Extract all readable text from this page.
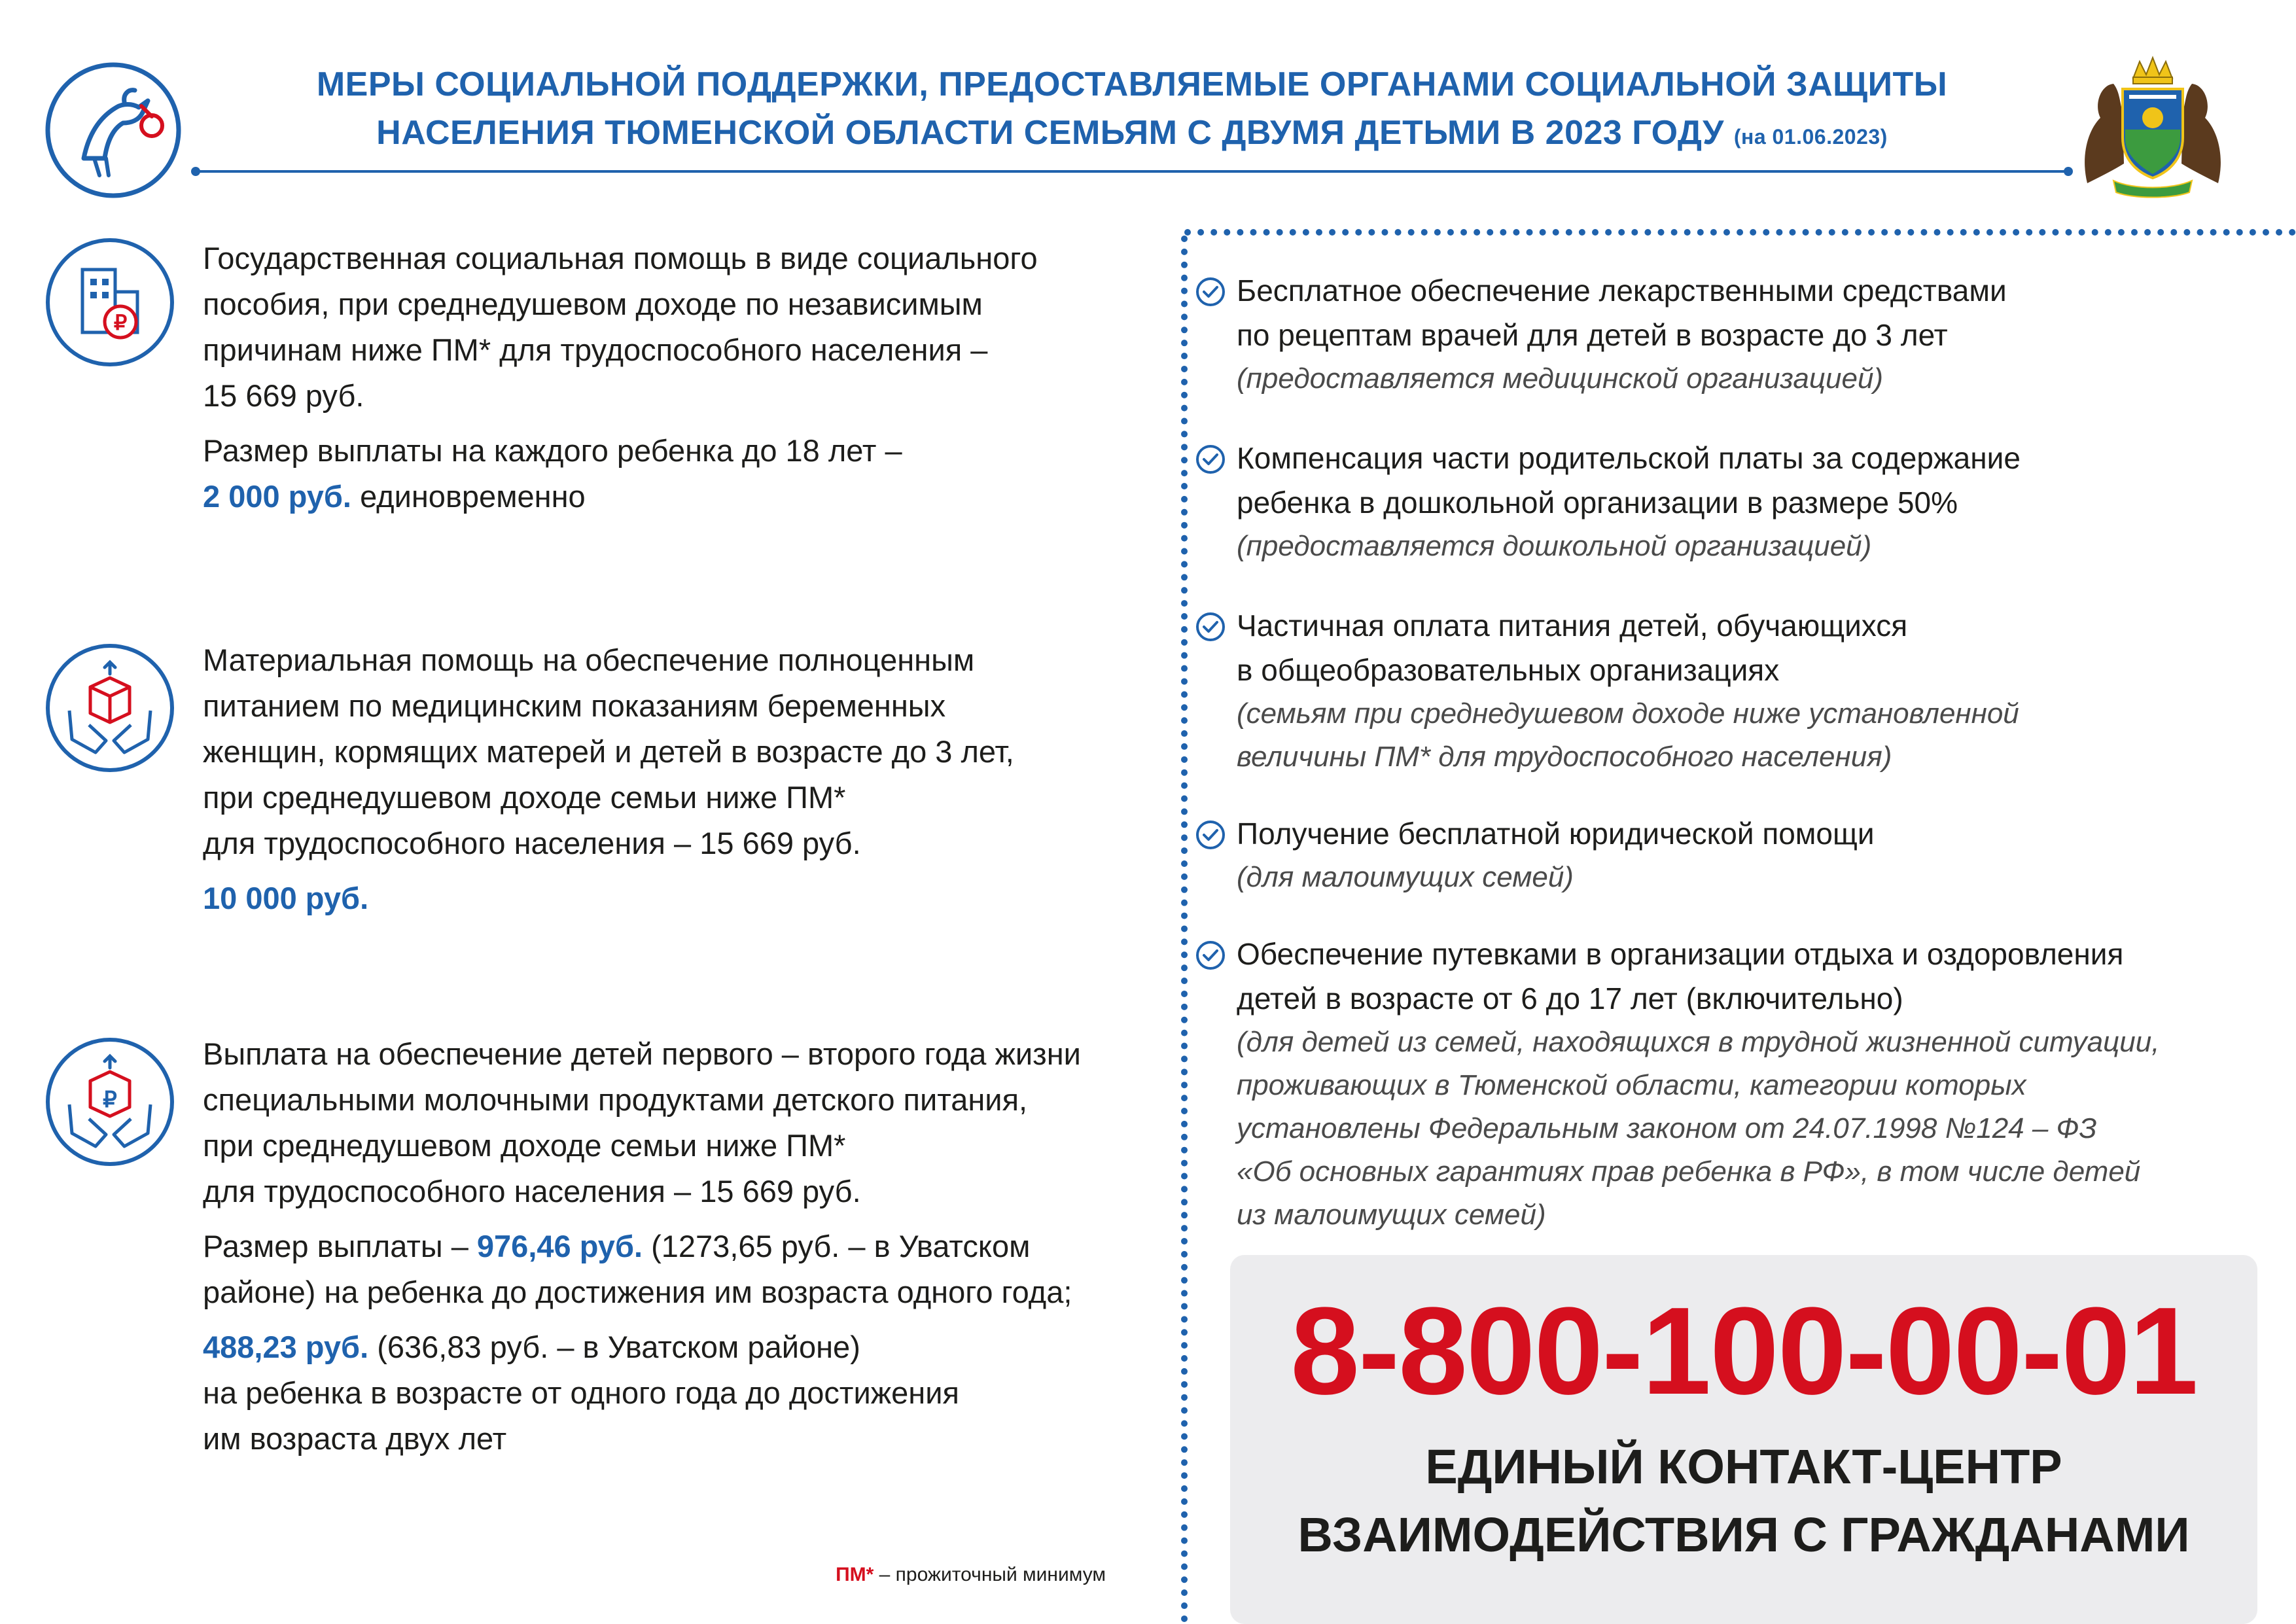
МЕРЫ СОЦИАЛЬНОЙ ПОДДЕРЖКИ, ПРЕДОСТАВЛЯЕМЫЕ ОРГАНАМИ СОЦИАЛЬНОЙ ЗАЩИТЫ
НАСЕЛЕНИЯ ТЮМЕНСКОЙ ОБЛАСТИ СЕМЬЯМ С ДВУМЯ ДЕТЬМИ В 2023 ГОДУ (на 01.06.2023)
₽

Государственная социальная помощь в виде социального

пособия, при среднедушевом доходе по независимым

причинам ниже ПМ* для трудоспособного населения –

15 669 руб.

Размер выплаты на каждого ребенка до 18 лет –

2 000 руб. единовременно

Материальная помощь на обеспечение полноценным

питанием по медицинским показаниям беременных

женщин, кормящих матерей и детей в возрасте до 3 лет,

при среднедушевом доходе семьи ниже ПМ*

для трудоспособного населения – 15 669 руб.

10 000 руб.

₽

Выплата на обеспечение детей первого – второго года жизни

специальными молочными продуктами детского питания,

при среднедушевом доходе семьи ниже ПМ*

для трудоспособного населения – 15 669 руб.

Размер выплаты – 976,46 руб. (1273,65 руб. – в Уватском

районе) на ребенка до достижения им возраста одного года;

488,23 руб. (636,83 руб. – в Уватском районе)

на ребенка в возрасте от одного года до достижения

им возраста двух лет

ПМ* – прожиточный минимум

Бесплатное обеспечение лекарственными средствами

по рецептам врачей для детей в возрасте до 3 лет

(предоставляется медицинской организацией)

Компенсация части родительской платы за содержание

ребенка в дошкольной организации в размере 50%

(предоставляется дошкольной организацией)

Частичная оплата питания детей, обучающихся

в общеобразовательных организациях

(семьям при среднедушевом доходе ниже установленной

величины ПМ* для трудоспособного населения)

Получение бесплатной юридической помощи

(для малоимущих семей)

Обеспечение путевками в организации отдыха и оздоровления

детей в возрасте от 6 до 17 лет (включительно)

(для детей из семей, находящихся в трудной жизненной ситуации,

проживающих в Тюменской области, категории которых

установлены Федеральным законом от 24.07.1998 №124 – ФЗ

«Об основных гарантиях прав ребенка в РФ», в том числе детей

из малоимущих семей)

8-800-100-00-01
ЕДИНЫЙ КОНТАКТ-ЦЕНТР
ВЗАИМОДЕЙСТВИЯ С ГРАЖДАНАМИ
